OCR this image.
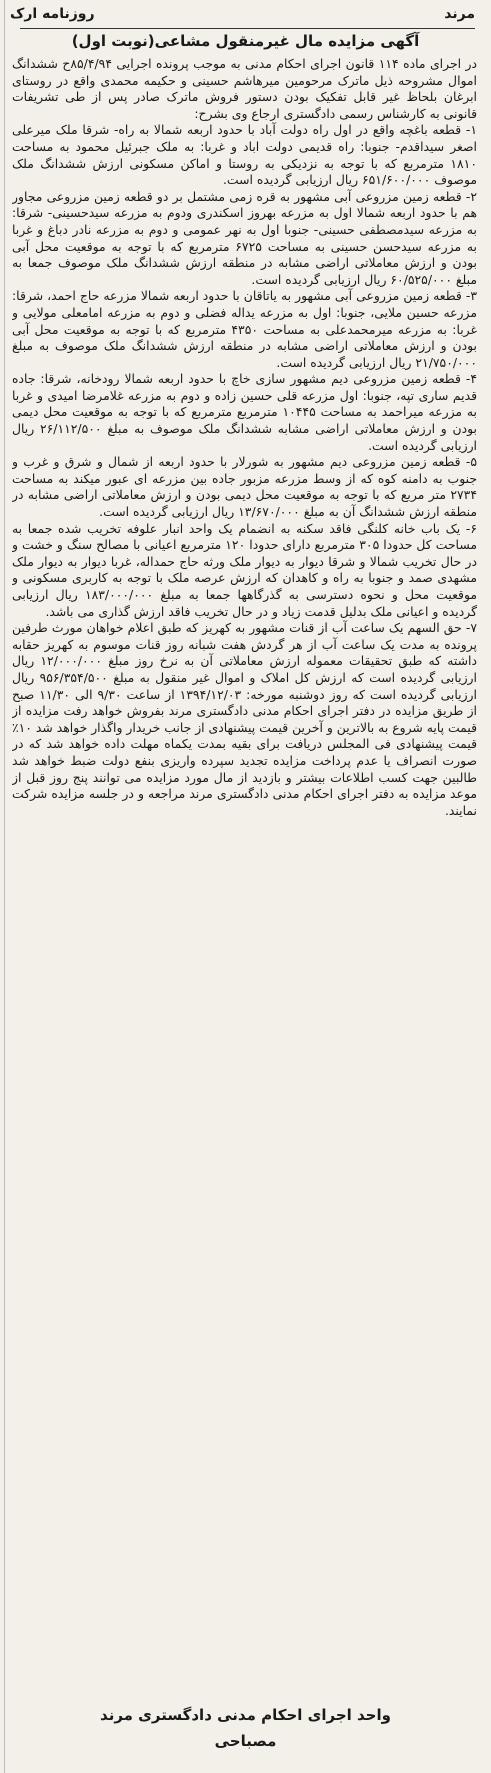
مرند
روزنامه ارک
آگهی مزایده مال غیرمنقول مشاعی(نوبت اول)

در اجرای ماده ۱۱۴ قانون اجرای احکام مدنی به موجب پرونده اجرایی ۸۵/۴/۹۴ح ششدانگ اموال مشروحه ذیل ماترک مرحومین میرهاشم حسینی و حکیمه محمدی واقع در روستای ابرغان بلحاظ غیر قابل تفکیک بودن دستور فروش ماترک صادر پس از طی تشریفات قانونی به کارشناس رسمی دادگستری ارجاع وی بشرح:

۱- قطعه باغچه واقع در اول راه دولت آباد با حدود اربعه شمالا به راه- شرقا ملک میرعلی اصغر سیداقدم- جنوبا: راه قدیمی دولت اباد و غربا: به ملک جبرئیل محمود به مساحت ۱۸۱۰ مترمربع که با توجه به نزدیکی به روستا و اماکن مسکونی ارزش ششدانگ ملک موصوف ۶۵۱/۶۰۰/۰۰۰ ریال ارزیابی گردیده است.

۲- قطعه زمین مزروعی آبی مشهور به قره زمی مشتمل بر دو قطعه زمین مزروعی مجاور هم با حدود اربعه شمالا اول به مزرعه بهروز اسکندری ودوم به مزرعه سیدحسینی- شرقا: به مزرعه سیدمصطفی حسینی- جنوبا اول به نهر عمومی و دوم به مزرعه نادر دباغ و غربا به مزرعه سیدحسن حسینی به مساحت ۶۷۲۵ مترمربع که با توجه به موقعیت محل آبی بودن و ارزش معاملاتی اراضی مشابه در منطقه ارزش ششدانگ ملک موصوف جمعا به مبلغ ۶۰/۵۲۵/۰۰۰ ریال ارزیابی گردیده است.

۳- قطعه زمین مزروعی آبی مشهور به یاتاقان با حدود اربعه شمالا مزرعه حاج احمد، شرقا: مزرعه حسین ملایی، جنوبا: اول به مزرعه یداله فضلی و دوم به مزرعه امامعلی مولایی و غربا: به مزرعه میرمحمدعلی به مساحت ۴۳۵۰ مترمربع که با توجه به موقعیت محل آبی بودن و ارزش معاملاتی اراضی مشابه در منطقه ارزش ششدانگ ملک موصوف به مبلغ ۲۱/۷۵۰/۰۰۰ ریال ارزیابی گردیده است.

۴- قطعه زمین مزروعی دیم مشهور سازی خاچ با حدود اربعه شمالا رودخانه، شرقا: جاده قدیم ساری تپه، جنوبا: اول مزرعه قلی حسین زاده و دوم به مزرعه غلامرضا امیدی و غربا به مزرعه میراحمد به مساحت ۱۰۴۴۵ مترمربع مترمربع که با توجه به موقعیت محل دیمی بودن و ارزش معاملاتی اراضی مشابه ششدانگ ملک موصوف به مبلغ ۲۶/۱۱۲/۵۰۰ ریال ارزیابی گردیده است.

۵- قطعه زمین مزروعی دیم مشهور به شورلار با حدود اربعه از شمال و شرق و غرب و جنوب به دامنه کوه که از وسط مزرعه مزبور جاده بین مزرعه ای عبور میکند به مساحت ۲۷۳۴ متر مربع که با توجه به موقعیت محل دیمی بودن و ارزش معاملاتی اراضی مشابه در منطقه ارزش ششدانگ آن به مبلغ ۱۳/۶۷۰/۰۰۰ ریال ارزیابی گردیده است.

۶- یک باب خانه کلنگی فاقد سکنه به انضمام یک واحد انبار علوفه تخریب شده جمعا به مساحت کل حدودا ۳۰۵ مترمربع دارای حدودا ۱۲۰ مترمربع اعیانی با مصالح سنگ و خشت و در حال تخریب شمالا و شرقا دیوار به دیوار ملک ورثه حاج حمداله، غربا دیوار به دیوار ملک مشهدی صمد و جنوبا به راه و کاهدان که ارزش عرصه ملک با توجه به کاربری مسکونی و موقعیت محل و نحوه دسترسی به گذرگاهها جمعا به مبلغ ۱۸۳/۰۰۰/۰۰۰ ریال ارزیابی گردیده و اعیانی ملک بدلیل قدمت زیاد و در حال تخریب فاقد ارزش گذاری می باشد.

۷- حق السهم یک ساعت آب از قنات مشهور به کهریز که طبق اعلام خواهان مورث طرفین پرونده به مدت یک ساعت آب از هر گردش هفت شبانه روز قنات موسوم به کهریز حقابه داشته که طبق تحقیقات معموله ارزش معاملاتی آن به نرخ روز مبلغ ۱۲/۰۰۰/۰۰۰ ریال ارزیابی گردیده است که ارزش کل املاک و اموال غیر منقول به مبلغ ۹۵۶/۳۵۴/۵۰۰ ریال ارزیابی گردیده است که روز دوشنبه مورخه: ۱۳۹۴/۱۲/۰۳ از ساعت ۹/۳۰ الی ۱۱/۳۰ صبح از طریق مزایده در دفتر اجرای احکام مدنی دادگستری مرند بفروش خواهد رفت مزایده از قیمت پایه شروع به بالاترین و آخرین قیمت پیشنهادی از جانب خریدار واگذار خواهد شد ۱۰٪ قیمت پیشنهادی فی المجلس دریافت برای بقیه بمدت یکماه مهلت داده خواهد شد که در صورت انصراف یا عدم پرداخت مزایده تجدید سپرده واریزی بنفع دولت ضبط خواهد شد طالبین جهت کسب اطلاعات بیشتر و بازدید از مال مورد مزایده می توانند پنج روز قبل از موعد مزایده به دفتر اجرای احکام مدنی دادگستری مرند مراجعه و در جلسه مزایده شرکت نمایند.

واحد اجرای احکام مدنی دادگستری مرند
مصباحی
